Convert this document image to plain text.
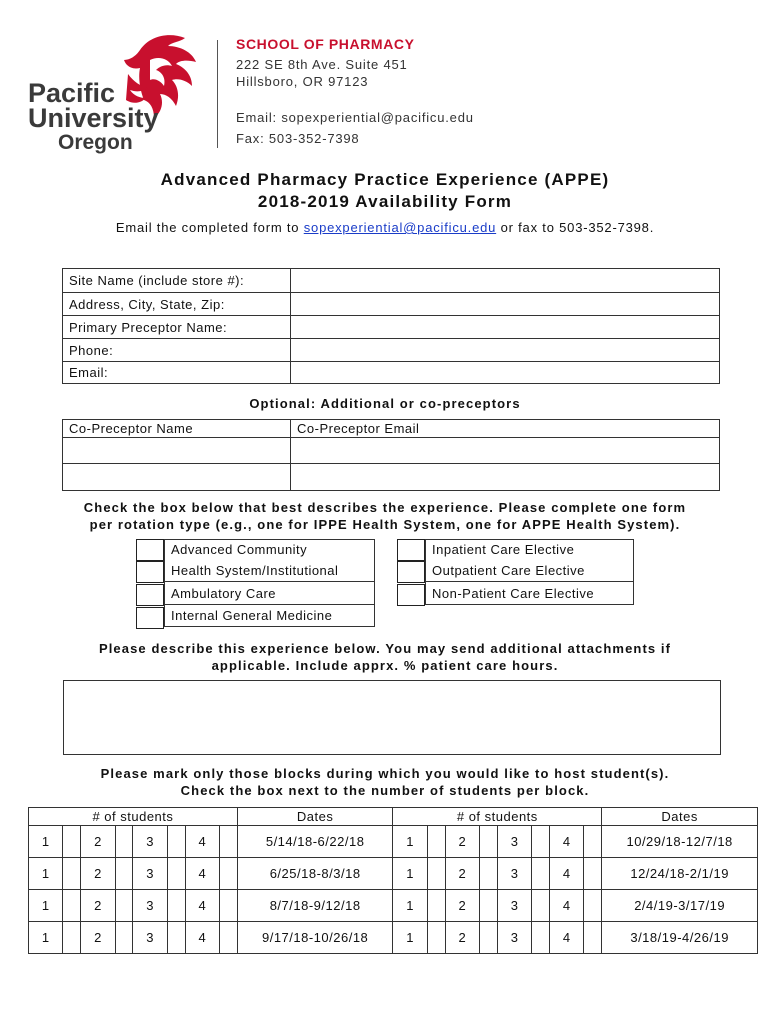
Pacific
University
Oregon
SCHOOL OF PHARMACY
222 SE 8th Ave. Suite 451
Hillsboro, OR 97123
Email: sopexperiential@pacificu.edu
Fax: 503-352-7398
Advanced Pharmacy Practice Experience (APPE)
2018-2019 Availability Form
Email the completed form to sopexperiential@pacificu.edu or fax to 503-352-7398.
Site Name (include store #):	
Address, City, State, Zip:	
Primary Preceptor Name:	
Phone:	
Email:	
Optional: Additional or co-preceptors
Co-Preceptor Name	Co-Preceptor Email

Check the box below that best describes the experience. Please complete one form
per rotation type (e.g., one for IPPE Health System, one for APPE Health System).
Advanced Community
Health System/Institutional
Ambulatory Care
Internal General Medicine
Inpatient Care Elective
Outpatient Care Elective
Non-Patient Care Elective
Please describe this experience below. You may send additional attachments if
applicable. Include apprx. % patient care hours.
Please mark only those blocks during which you would like to host student(s).
Check the box next to the number of students per block.
# of students								Dates	# of students								Dates
1		2		3		4		5/14/18-6/22/18	1		2		3		4		10/29/18-12/7/18
1		2		3		4		6/25/18-8/3/18	1		2		3		4		12/24/18-2/1/19
1		2		3		4		8/7/18-9/12/18	1		2		3		4		2/4/19-3/17/19
1		2		3		4		9/17/18-10/26/18	1		2		3		4		3/18/19-4/26/19
